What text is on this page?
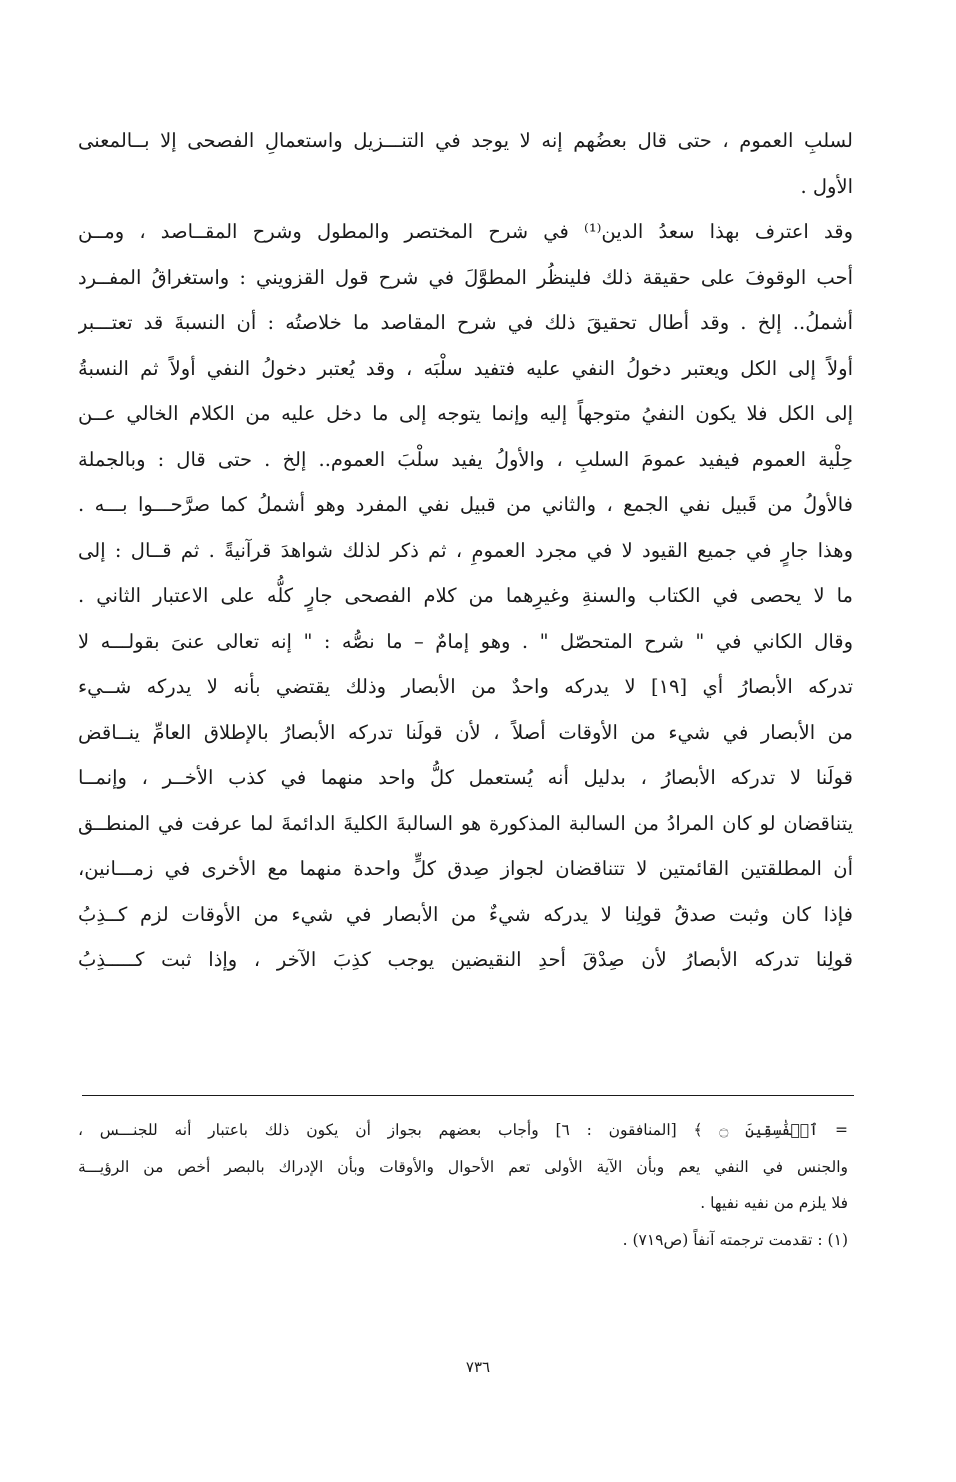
لسلبِ العموم ، حتى قال بعضُهم إنه لا يوجد في التنـــزيل واستعمالِ الفصحى إلا بــالمعنى
الأول .
وقد اعترف بهذا سعدُ الدين⁽¹⁾ في شرح المختصر والمطول وشرح المقــاصد ، ومــن
أحب الوقوفَ على حقيقة ذلك فلينظُر المطوَّلَ في شرح قول القزويني : واستغراقُ المفــرد
أشملُ.. إلخ . وقد أطال تحقيقَ ذلك في شرح المقاصد ما خلاصتُه : أن النسبةَ قد تعتـــبر
أولاً إلى الكل ويعتبر دخولُ النفي عليه فتفيد سلْبَه ، وقد يُعتبر دخولُ النفي أولاً ثم النسبةُ
إلى الكل فلا يكون النفيُ متوجهاً إليه وإنما يتوجه إلى ما دخل عليه من الكلام الخالي عــن
حِلْية العموم فيفيد عمومَ السلبِ ، والأولُ يفيد سلْبَ العموم.. إلخ . حتى قال : وبالجملة
فالأولُ من قَبيل نفي الجمع ، والثاني من قبيل نفي المفرد وهو أشملُ كما صرَّحـــوا بـــه .
وهذا جارٍ في جميع القيود لا في مجرد العمومِ ، ثم ذكر لذلك شواهدَ قرآنيةً . ثم قــال : إلى
ما لا يحصى في الكتاب والسنةِ وغيرِهما من كلام الفصحى جارٍ كلُّه على الاعتبار الثاني .
وقال الكاني في " شرح المتحصّل " . وهو إمامٌ – ما نصُّه : " إنه تعالى عنىَ بقولـــه لا
تدركه الأبصارُ أي [١٩] لا يدركه واحدٌ من الأبصار وذلك يقتضي بأنه لا يدركه شــيء
من الأبصار في شيء من الأوقات أصلاً ، لأن قولَنا تدركه الأبصارُ بالإطلاق العامِّ ينــاقض
قولَنا لا تدركه الأبصارُ ، بدليل أنه يُستعمل كلُّ واحد منهما في كذب الأخــر ، وإنمــا
يتناقضان لو كان المرادُ من السالبة المذكورة هو السالبةَ الكليةَ الدائمةَ لما عرفت في المنطــق
أن المطلقتين القائمتين لا تتناقضان لجواز صِدق كلٍّ واحدة منهما مع الأخرى في زمـــانين،
فإذا كان وثبت صدقُ قولِنا لا يدركه شيءٌ من الأبصار في شيء من الأوقات لزم كــذِبُ
قولِنا تدركه الأبصارُ لأن صِدْقَ أحدِ النقيضين يوجب كذِبَ الآخر ، وإذا ثبت كـــــذِبُ
= ٱلۡفَٰسِقِينَ ۝ ﴾ [المنافقون : ٦] وأجاب بعضهم بجواز أن يكون ذلك باعتبار أنه للجنـــس ،
والجنس في النفي يعم وبأن الآية الأولى تعم الأحوال والأوقات وبأن الإدراك بالبصر أخص من الرؤيـــة
فلا يلزم من نفيه نفيها .
(١) : تقدمت ترجمته آنفاً (ص٧١٩) .
٧٣٦
